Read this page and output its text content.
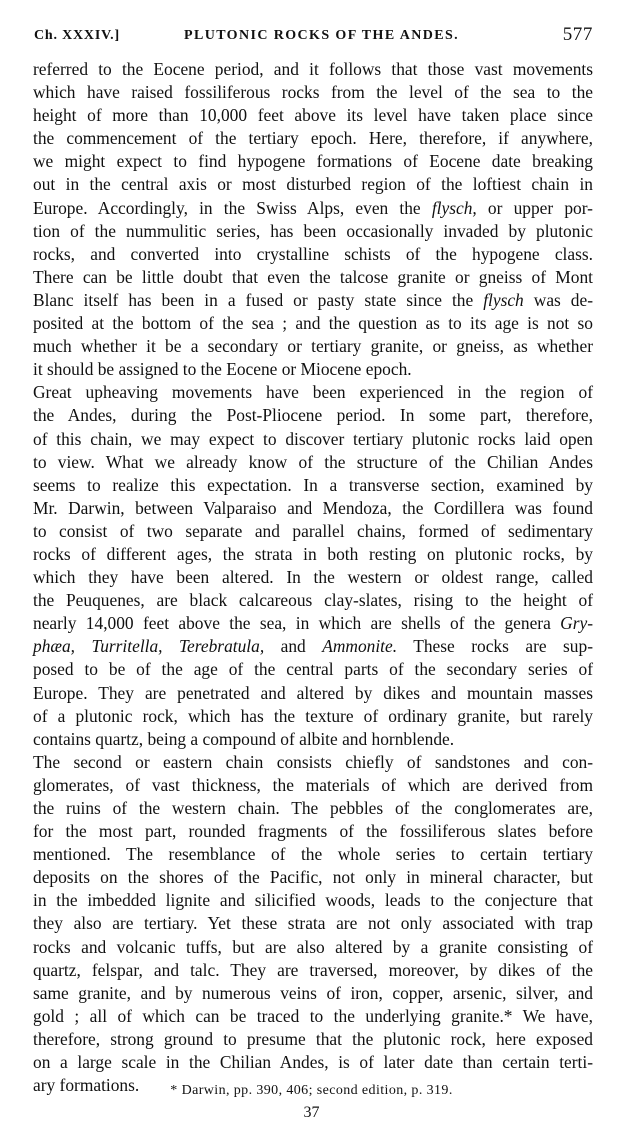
Ch. XXXIV.]	PLUTONIC ROCKS OF THE ANDES.	577
referred to the Eocene period, and it follows that those vast movements
which have raised fossiliferous rocks from the level of the sea to the
height of more than 10,000 feet above its level have taken place since
the commencement of the tertiary epoch. Here, therefore, if anywhere,
we might expect to find hypogene formations of Eocene date breaking
out in the central axis or most disturbed region of the loftiest chain in
Europe. Accordingly, in the Swiss Alps, even the flysch, or upper por-
tion of the nummulitic series, has been occasionally invaded by plutonic
rocks, and converted into crystalline schists of the hypogene class.
There can be little doubt that even the talcose granite or gneiss of Mont
Blanc itself has been in a fused or pasty state since the flysch was de-
posited at the bottom of the sea ; and the question as to its age is not so
much whether it be a secondary or tertiary granite, or gneiss, as whether
it should be assigned to the Eocene or Miocene epoch.
Great upheaving movements have been experienced in the region of
the Andes, during the Post-Pliocene period. In some part, therefore,
of this chain, we may expect to discover tertiary plutonic rocks laid open
to view. What we already know of the structure of the Chilian Andes
seems to realize this expectation. In a transverse section, examined by
Mr. Darwin, between Valparaiso and Mendoza, the Cordillera was found
to consist of two separate and parallel chains, formed of sedimentary
rocks of different ages, the strata in both resting on plutonic rocks, by
which they have been altered. In the western or oldest range, called
the Peuquenes, are black calcareous clay-slates, rising to the height of
nearly 14,000 feet above the sea, in which are shells of the genera Gry-
phæa, Turritella, Terebratula, and Ammonite. These rocks are sup-
posed to be of the age of the central parts of the secondary series of
Europe. They are penetrated and altered by dikes and mountain masses
of a plutonic rock, which has the texture of ordinary granite, but rarely
contains quartz, being a compound of albite and hornblende.
The second or eastern chain consists chiefly of sandstones and con-
glomerates, of vast thickness, the materials of which are derived from
the ruins of the western chain. The pebbles of the conglomerates are,
for the most part, rounded fragments of the fossiliferous slates before
mentioned. The resemblance of the whole series to certain tertiary
deposits on the shores of the Pacific, not only in mineral character, but
in the imbedded lignite and silicified woods, leads to the conjecture that
they also are tertiary. Yet these strata are not only associated with trap
rocks and volcanic tuffs, but are also altered by a granite consisting of
quartz, felspar, and talc. They are traversed, moreover, by dikes of the
same granite, and by numerous veins of iron, copper, arsenic, silver, and
gold ; all of which can be traced to the underlying granite.* We have,
therefore, strong ground to presume that the plutonic rock, here exposed
on a large scale in the Chilian Andes, is of later date than certain terti-
ary formations.	* Darwin, pp. 390, 406; second edition, p. 319.
37
